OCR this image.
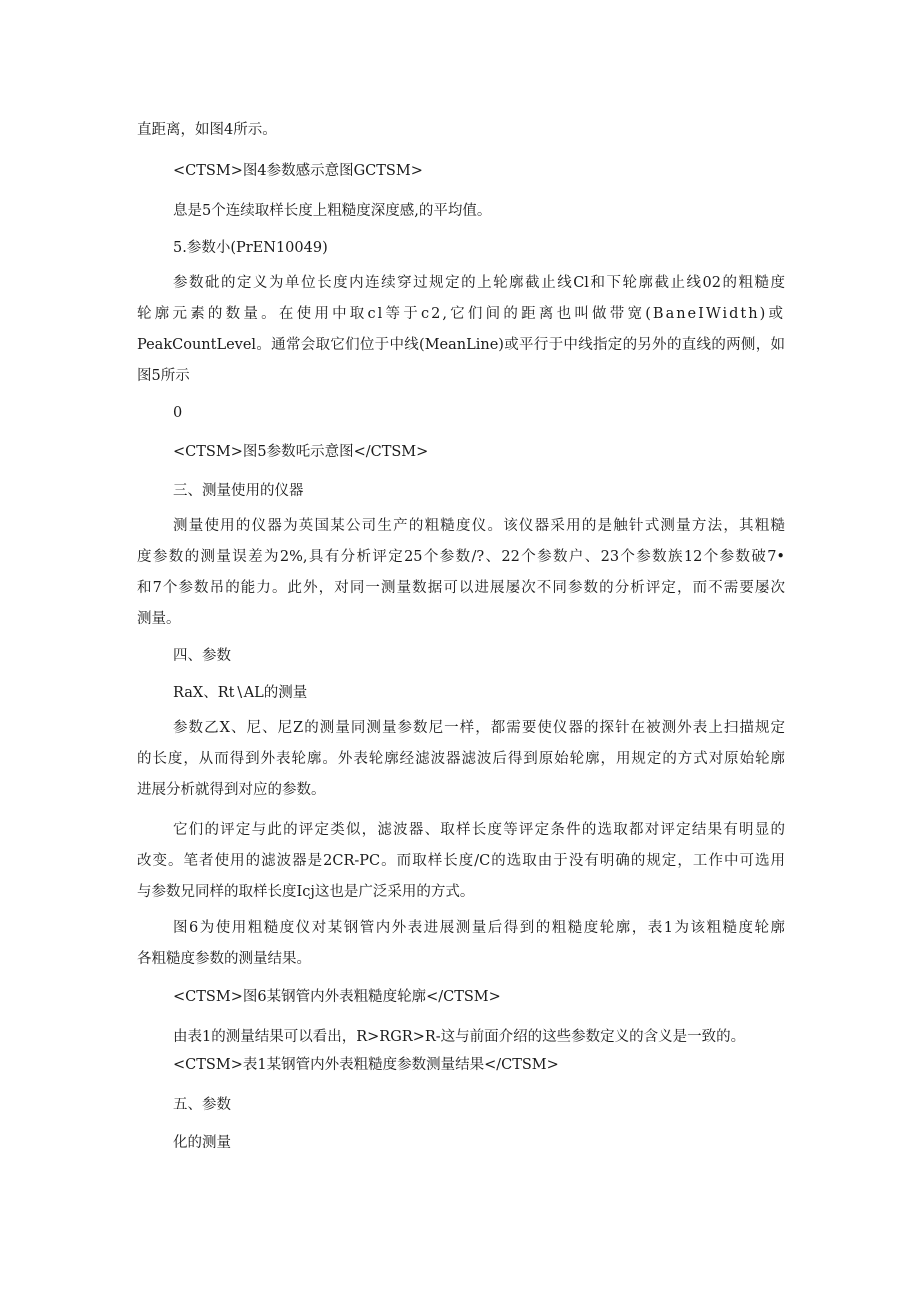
直距离，如图4所示。

<CTSM>图4参数感示意图GCTSM>

息是5个连续取样长度上粗糙度深度感,的平均值。

5.参数小(PrEN10049)

参数砒的定义为单位长度内连续穿过规定的上轮廓截止线Cl和下轮廓截止线02的粗糙度
轮廓元素的数量。在使用中取cl等于c2,它们间的距离也叫做带宽(BaneIWidth)或
PeakCountLevel。通常会取它们位于中线(MeanLine)或平行于中线指定的另外的直线的两侧，如
图5所示

0

<CTSM>图5参数吒示意图</CTSM>

三、测量使用的仪器

测量使用的仪器为英国某公司生产的粗糙度仪。该仪器采用的是触针式测量方法，其粗糙
度参数的测量误差为2%,具有分析评定25个参数/?、22个参数户、23个参数族12个参数破7•
和7个参数吊的能力。此外，对同一测量数据可以进展屡次不同参数的分析评定，而不需要屡次
测量。

四、参数

RaX、Rt∖AL的测量

参数乙X、尼、尼Z的测量同测量参数尼一样，都需要使仪器的探针在被测外表上扫描规定
的长度，从而得到外表轮廓。外表轮廓经滤波器滤波后得到原始轮廓，用规定的方式对原始轮廓
进展分析就得到对应的参数。

它们的评定与此的评定类似，滤波器、取样长度等评定条件的选取都对评定结果有明显的
改变。笔者使用的滤波器是2CR-PC。而取样长度/C的选取由于没有明确的规定，工作中可选用
与参数兄同样的取样长度Icj这也是广泛采用的方式。

图6为使用粗糙度仪对某钢管内外表进展测量后得到的粗糙度轮廓，表1为该粗糙度轮廓
各粗糙度参数的测量结果。

<CTSM>图6某钢管内外表粗糙度轮廓</CTSM>

由表1的测量结果可以看出，R>RGR>R-这与前面介绍的这些参数定义的含义是一致的。

<CTSM>表1某钢管内外表粗糙度参数测量结果</CTSM>

五、参数

化的测量
